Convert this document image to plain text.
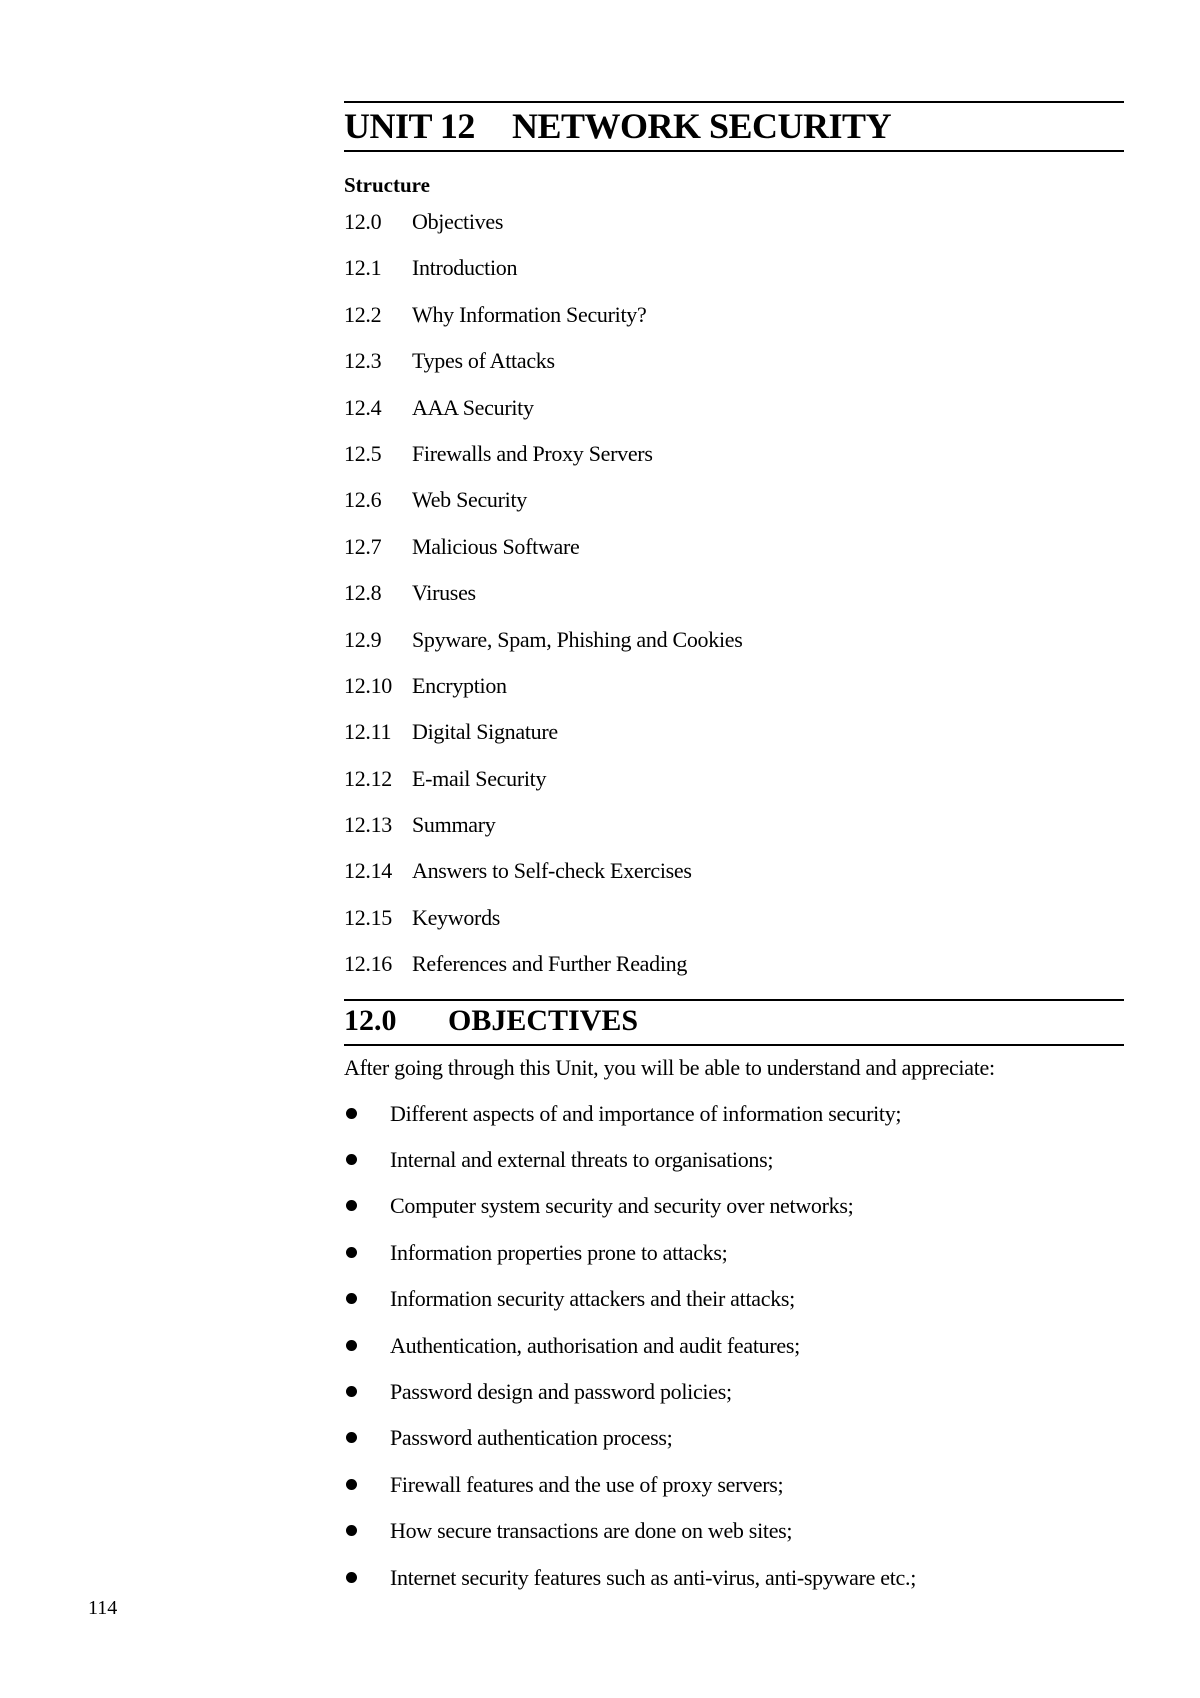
UNIT 12	NETWORK SECURITY
Structure
12.0	Objectives
12.1	Introduction
12.2	Why Information Security?
12.3	Types of Attacks
12.4	AAA Security
12.5	Firewalls and Proxy Servers
12.6	Web Security
12.7	Malicious Software
12.8	Viruses
12.9	Spyware, Spam, Phishing and Cookies
12.10 Encryption
12.11 Digital Signature
12.12 E-mail Security
12.13 Summary
12.14 Answers to Self-check Exercises
12.15 Keywords
12.16 References and Further Reading
12.0	OBJECTIVES
After going through this Unit, you will be able to understand and appreciate:
Different aspects of and importance of information security;
Internal and external threats to organisations;
Computer system security and security over networks;
Information properties prone to attacks;
Information security attackers and their attacks;
Authentication, authorisation and audit features;
Password design and password policies;
Password authentication process;
Firewall features and the use of proxy servers;
How secure transactions are done on web sites;
Internet security features such as anti-virus, anti-spyware etc.;
114
